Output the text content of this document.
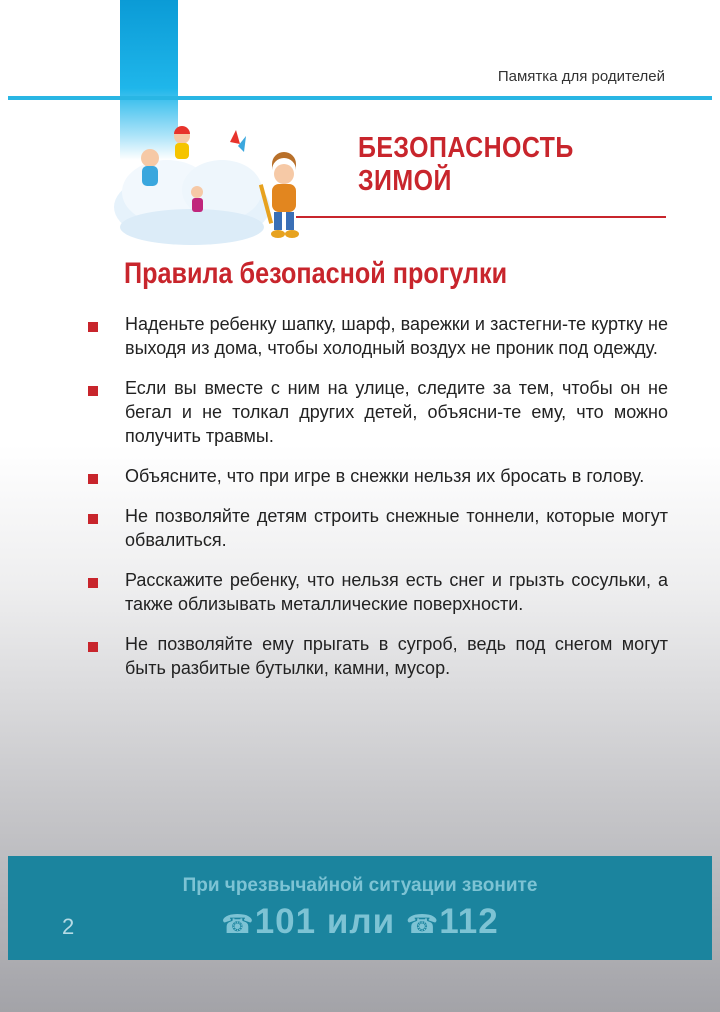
Памятка для родителей
БЕЗОПАСНОСТЬ
ЗИМОЙ
Правила безопасной прогулки
Наденьте ребенку шапку, шарф, варежки и застегни-те куртку не выходя из дома, чтобы холодный воздух не проник под одежду.
Если вы вместе с ним на улице, следите за тем, чтобы он не бегал и не толкал других детей, объясни-те ему, что можно получить травмы.
Объясните, что при игре в снежки нельзя их бросать в голову.
Не позволяйте детям строить снежные тоннели, которые могут обвалиться.
Расскажите ребенку, что нельзя есть снег и грызть сосульки, а также облизывать металлические поверхности.
Не позволяйте ему прыгать в сугроб, ведь под снегом могут быть разбитые бутылки, камни, мусор.
2
При чрезвычайной ситуации звоните
☎101 или ☎112
